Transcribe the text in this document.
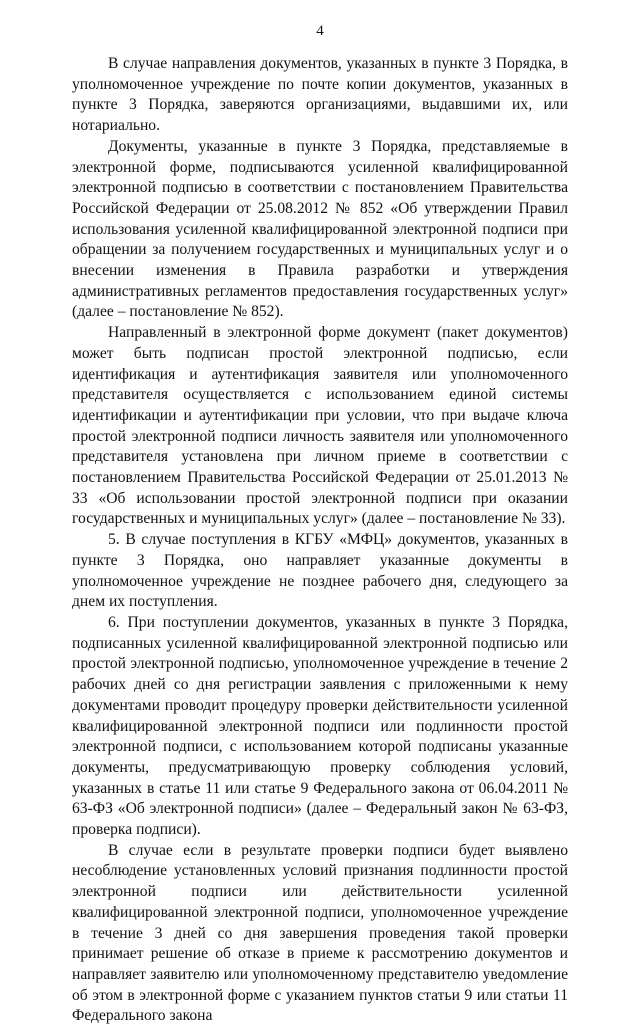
4

В случае направления документов, указанных в пункте 3 Порядка, в уполномоченное учреждение по почте копии документов, указанных в пункте 3 Порядка, заверяются организациями, выдавшими их, или нотариально.

Документы, указанные в пункте 3 Порядка, представляемые в электронной форме, подписываются усиленной квалифицированной электронной подписью в соответствии с постановлением Правительства Российской Федерации от 25.08.2012 № 852 «Об утверждении Правил использования усиленной квалифицированной электронной подписи при обращении за получением государственных и муниципальных услуг и о внесении изменения в Правила разработки и утверждения административных регламентов предоставления государственных услуг» (далее – постановление № 852).

Направленный в электронной форме документ (пакет документов) может быть подписан простой электронной подписью, если идентификация и аутентификация заявителя или уполномоченного представителя осуществляется с использованием единой системы идентификации и аутентификации при условии, что при выдаче ключа простой электронной подписи личность заявителя или уполномоченного представителя установлена при личном приеме в соответствии с постановлением Правительства Российской Федерации от 25.01.2013 № 33 «Об использовании простой электронной подписи при оказании государственных и муниципальных услуг» (далее – постановление № 33).

5. В случае поступления в КГБУ «МФЦ» документов, указанных в пункте 3 Порядка, оно направляет указанные документы в уполномоченное учреждение не позднее рабочего дня, следующего за днем их поступления.

6. При поступлении документов, указанных в пункте 3 Порядка, подписанных усиленной квалифицированной электронной подписью или простой электронной подписью, уполномоченное учреждение в течение 2 рабочих дней со дня регистрации заявления с приложенными к нему документами проводит процедуру проверки действительности усиленной квалифицированной электронной подписи или подлинности простой электронной подписи, с использованием которой подписаны указанные документы, предусматривающую проверку соблюдения условий, указанных в статье 11 или статье 9 Федерального закона от 06.04.2011 № 63-ФЗ «Об электронной подписи» (далее – Федеральный закон № 63-ФЗ, проверка подписи).

В случае если в результате проверки подписи будет выявлено несоблюдение установленных условий признания подлинности простой электронной подписи или действительности усиленной квалифицированной электронной подписи, уполномоченное учреждение в течение 3 дней со дня завершения проведения такой проверки принимает решение об отказе в приеме к рассмотрению документов и направляет заявителю или уполномоченному представителю уведомление об этом в электронной форме с указанием пунктов статьи 9 или статьи 11 Федерального закона
